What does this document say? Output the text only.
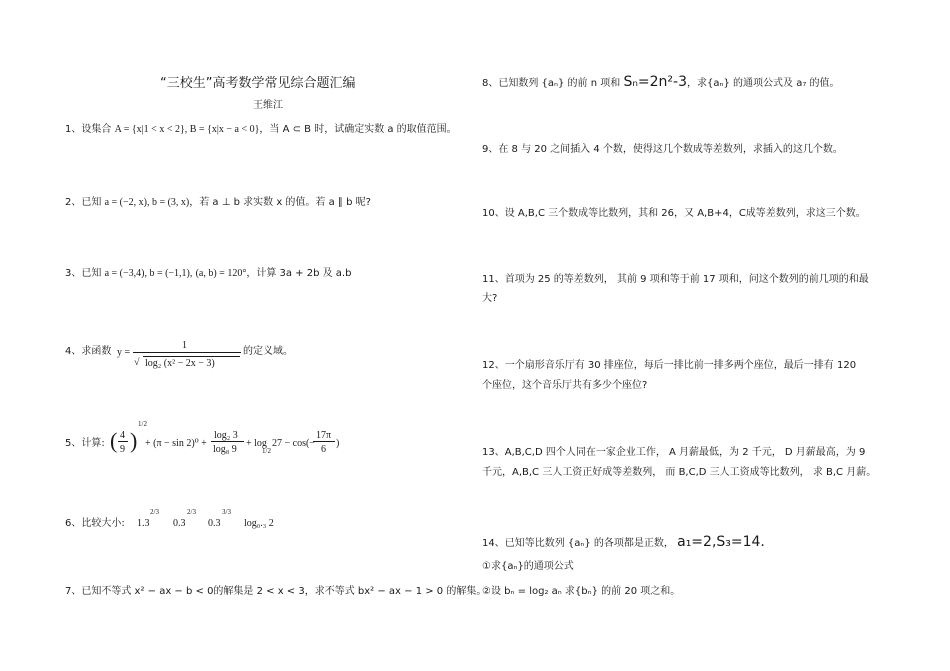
“三校生”高考数学常见综合题汇编
王维江
1、设集合 A = {x|1 < x < 2}, B = {x|x − a < 0}，当 A ⊂ B 时，试确定实数 a 的取值范围。
2、已知 a = (−2, x), b = (3, x)，若 a ⊥ b 求实数 x 的值。若 a ∥ b 呢?
3、已知 a = (−3,4), b = (−1,1), (a, b) = 120°，计算 3a + 2b 及 a.b
4、求函数 y =
1
√ log₂ (x² − 2x − 3)
的定义域。
5、计算: ( 4
9 )
1/2
+ (π − sin 2)⁰ +
log₂ 3
log₈ 9
+ log
1/2
27 − cos(−
17π
6
)
6、比较大小: 1.3
2/3
0.3
2/3
0.3
3/3
log₀.₃ 2
7、已知不等式 x² − ax − b < 0的解集是 2 < x < 3，求不等式 bx² − ax − 1 > 0 的解集。
8、已知数列 {aₙ} 的前 n 项和 Sₙ=2n²-3，求{aₙ} 的通项公式及 a₇ 的值。
9、在 8 与 20 之间插入 4 个数，使得这几个数成等差数列，求插入的这几个数。
10、设 A,B,C 三个数成等比数列，其和 26，又 A,B+4，C成等差数列，求这三个数。
11、首项为 25 的等差数列， 其前 9 项和等于前 17 项和，问这个数列的前几项的和最
大?
12、一个扇形音乐厅有 30 排座位，每后一排比前一排多两个座位，最后一排有 120
个座位，这个音乐厅共有多少个座位?
13、A,B,C,D 四个人同在一家企业工作， A 月薪最低，为 2 千元， D 月薪最高，为 9
千元，A,B,C 三人工资正好成等差数列， 而 B,C,D 三人工资成等比数列， 求 B,C 月薪。
14、已知等比数列 {aₙ} 的各项都是正数， a₁=2,S₃=14.
①求{aₙ}的通项公式
②设 bₙ = log₂ aₙ 求{bₙ} 的前 20 项之和。
